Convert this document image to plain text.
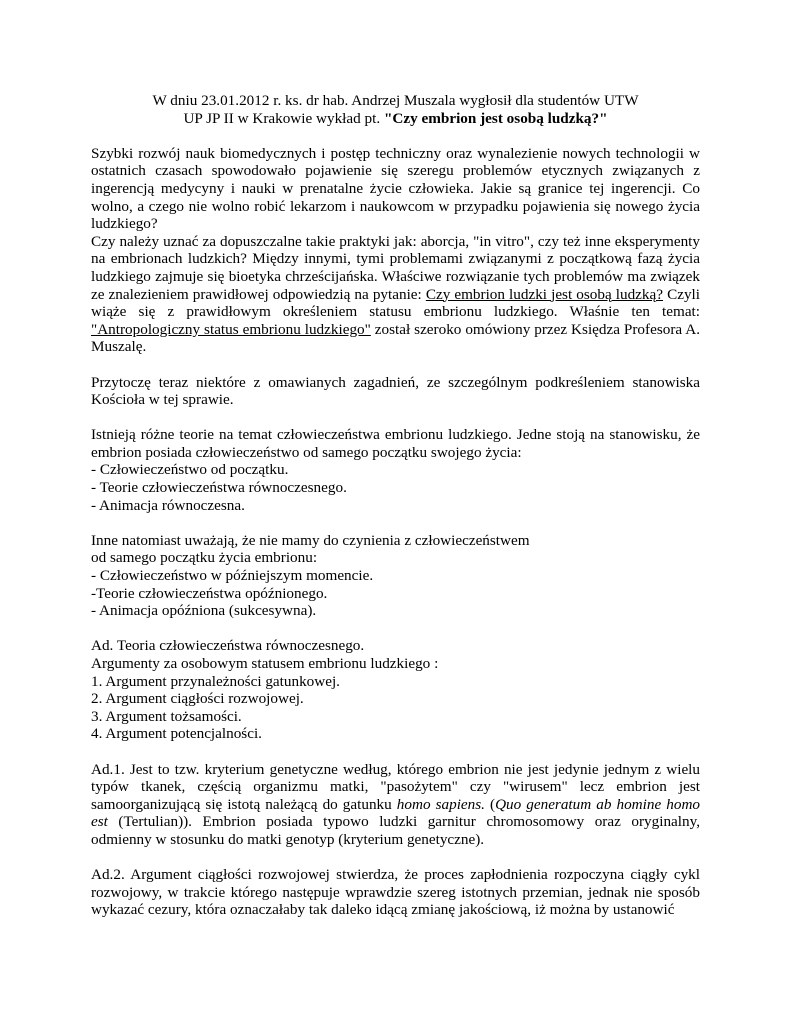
W dniu 23.01.2012 r. ks. dr hab. Andrzej Muszala wygłosił dla studentów UTW

UP JP II w Krakowie wykład pt. "Czy embrion jest osobą ludzką?"

Szybki rozwój nauk biomedycznych i postęp techniczny oraz wynalezienie nowych technologii w ostatnich czasach spowodowało pojawienie się szeregu problemów etycznych związanych z ingerencją medycyny i nauki w prenatalne życie człowieka. Jakie są granice tej ingerencji. Co wolno, a czego nie wolno robić lekarzom i naukowcom w przypadku pojawienia się nowego życia ludzkiego?

Czy należy uznać za dopuszczalne takie praktyki jak: aborcja, "in vitro", czy też inne eksperymenty na embrionach ludzkich? Między innymi, tymi problemami związanymi z początkową fazą życia ludzkiego zajmuje się bioetyka chrześcijańska. Właściwe rozwiązanie tych problemów ma związek ze znalezieniem prawidłowej odpowiedzią na pytanie: Czy embrion ludzki jest osobą ludzką? Czyli wiąże się z prawidłowym określeniem statusu embrionu ludzkiego. Właśnie ten temat: "Antropologiczny status embrionu ludzkiego" został szeroko omówiony przez Księdza Profesora A. Muszalę.

Przytoczę teraz niektóre z omawianych zagadnień, ze szczególnym podkreśleniem stanowiska Kościoła w tej sprawie.

Istnieją różne teorie na temat człowieczeństwa embrionu ludzkiego. Jedne stoją na stanowisku, że embrion posiada człowieczeństwo od samego początku swojego życia:

- Człowieczeństwo od początku.

- Teorie człowieczeństwa równoczesnego.

- Animacja równoczesna.

Inne natomiast uważają, że nie mamy do czynienia z człowieczeństwem

od samego początku życia embrionu:

- Człowieczeństwo w późniejszym momencie.

-Teorie człowieczeństwa opóźnionego.

- Animacja opóźniona (sukcesywna).

Ad. Teoria człowieczeństwa równoczesnego.

Argumenty za osobowym statusem embrionu ludzkiego :

1. Argument przynależności gatunkowej.

2. Argument ciągłości rozwojowej.

3. Argument tożsamości.

4. Argument potencjalności.

Ad.1. Jest to tzw. kryterium genetyczne według, którego embrion nie jest jedynie jednym z wielu typów tkanek, częścią organizmu matki, "pasożytem" czy "wirusem" lecz embrion jest samoorganizującą się istotą należącą do gatunku homo sapiens. (Quo generatum ab homine homo est (Tertulian)). Embrion posiada typowo ludzki garnitur chromosomowy oraz oryginalny, odmienny w stosunku do matki genotyp (kryterium genetyczne).

Ad.2. Argument ciągłości rozwojowej stwierdza, że proces zapłodnienia rozpoczyna ciągły cykl rozwojowy, w trakcie którego następuje wprawdzie szereg istotnych przemian, jednak nie sposób wykazać cezury, która oznaczałaby tak daleko idącą zmianę jakościową, iż można by ustanowić
